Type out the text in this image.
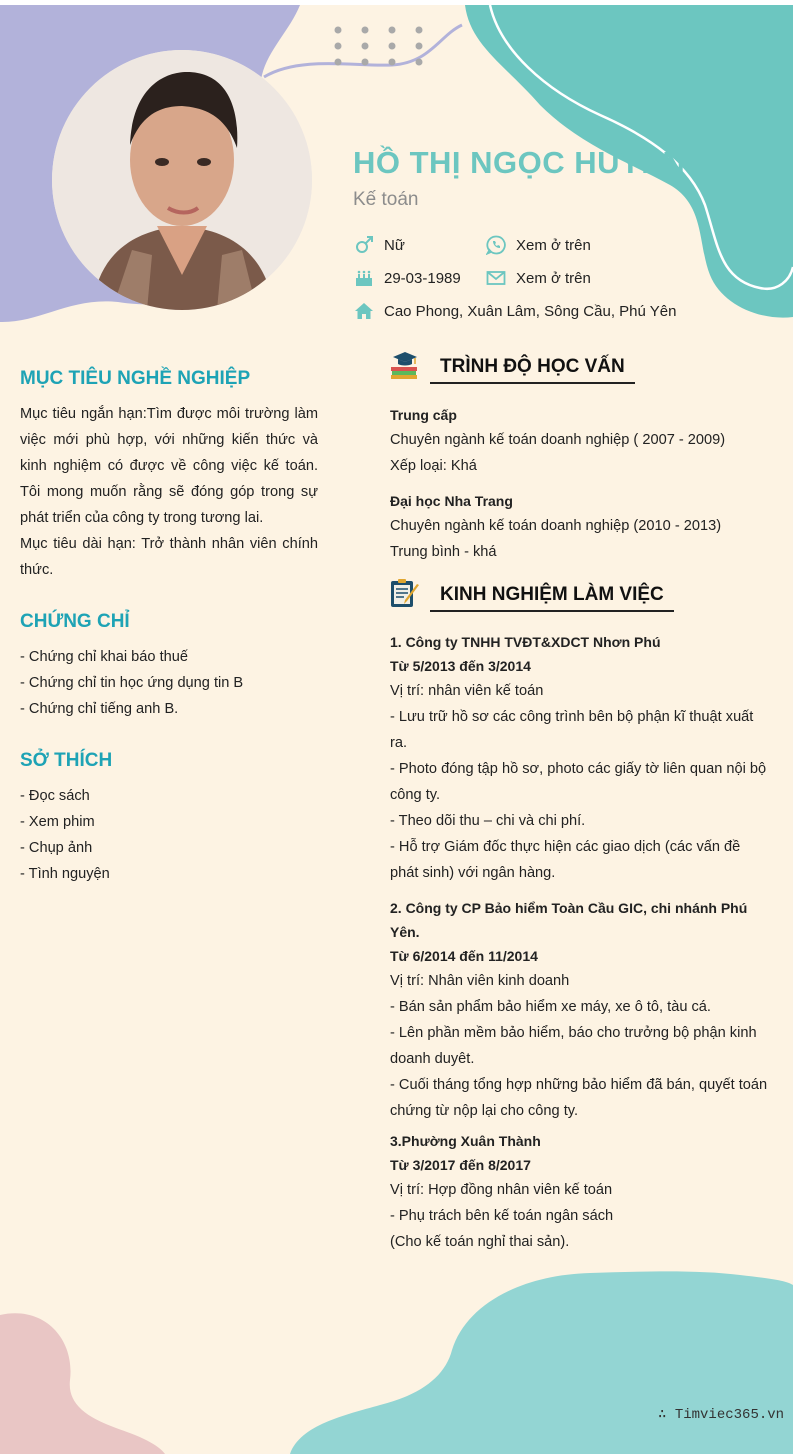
HỒ THỊ NGỌC HUYỀN
Kế toán
Nữ	Xem ở trên
29-03-1989	Xem ở trên
Cao Phong, Xuân Lâm, Sông Cầu, Phú Yên
MỤC TIÊU NGHỀ NGHIỆP

Mục tiêu ngắn hạn:Tìm được môi trường làm việc mới phù hợp, với những kiến thức và kinh nghiệm có được về công việc kế toán. Tôi mong muốn rằng sẽ đóng góp trong sự phát triển của công ty trong tương lai.

Mục tiêu dài hạn: Trở thành nhân viên chính thức.

CHỨNG CHỈ
- Chứng chỉ khai báo thuế
- Chứng chỉ tin học ứng dụng tin B
- Chứng chỉ tiếng anh B.
SỞ THÍCH
- Đọc sách
- Xem phim
- Chụp ảnh
- Tình nguyện
TRÌNH ĐỘ HỌC VẤN
Trung cấp
Chuyên ngành kế toán doanh nghiệp ( 2007 - 2009)
Xếp loại: Khá
Đại học Nha Trang
Chuyên ngành kế toán doanh nghiệp (2010 - 2013)
Trung bình - khá
KINH NGHIỆM LÀM VIỆC
1. Công ty TNHH TVĐT&XDCT Nhơn Phú
Từ 5/2013 đến 3/2014
Vị trí: nhân viên kế toán
- Lưu trữ hồ sơ các công trình bên bộ phận kĩ thuật xuất ra.
- Photo đóng tập hồ sơ, photo các giấy tờ liên quan nội bộ công ty.
- Theo dõi thu – chi và chi phí.
- Hỗ trợ Giám đốc thực hiện các giao dịch (các vấn đề phát sinh) với ngân hàng.
2. Công ty CP Bảo hiểm Toàn Cầu GIC, chi nhánh Phú Yên.
Từ 6/2014 đến 11/2014
Vị trí: Nhân viên kinh doanh
- Bán sản phẩm bảo hiểm xe máy, xe ô tô, tàu cá.
- Lên phần mềm bảo hiểm, báo cho trưởng bộ phận kinh doanh duyêt.
- Cuối tháng tổng hợp những bảo hiểm đã bán, quyết toán chứng từ nộp lại cho công ty.
3.Phường Xuân Thành
Từ 3/2017 đến 8/2017
Vị trí: Hợp đồng nhân viên kế toán
- Phụ trách bên kế toán ngân sách
(Cho kế toán nghỉ thai sản).
∴ Timviec365.vn
